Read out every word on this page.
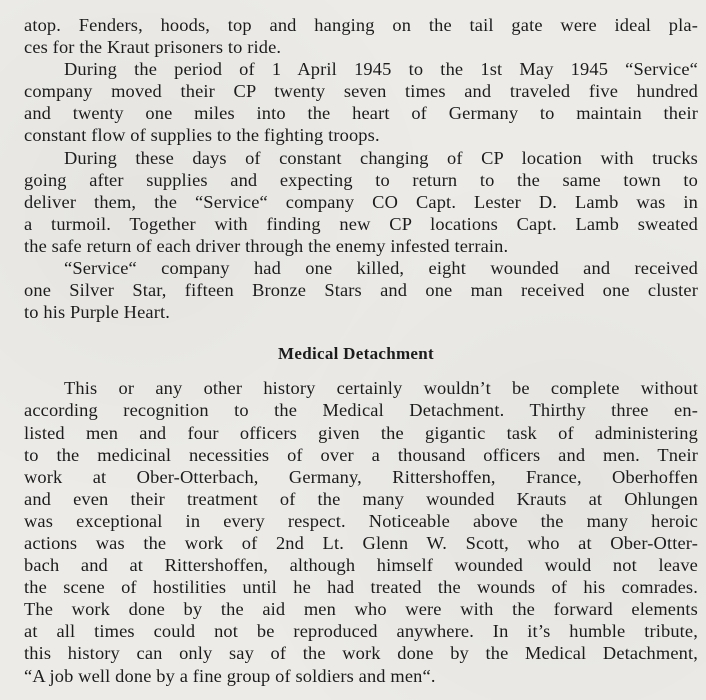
atop. Fenders, hoods, top and hanging on the tail gate were ideal pla-
ces for the Kraut prisoners to ride.
During the period of 1 April 1945 to the 1st May 1945 “Service“
company moved their CP twenty seven times and traveled five hundred
and twenty one miles into the heart of Germany to maintain their
constant flow of supplies to the fighting troops.
During these days of constant changing of CP location with trucks
going after supplies and expecting to return to the same town to
deliver them, the “Service“ company CO Capt. Lester D. Lamb was in
a turmoil. Together with finding new CP locations Capt. Lamb sweated
the safe return of each driver through the enemy infested terrain.
“Service“ company had one killed, eight wounded and received
one Silver Star, fifteen Bronze Stars and one man received one cluster
to his Purple Heart.
Medical Detachment
This or any other history certainly wouldn’t be complete without
according recognition to the Medical Detachment. Thirthy three en-
listed men and four officers given the gigantic task of administering
to the medicinal necessities of over a thousand officers and men. Tneir
work at Ober-Otterbach, Germany, Rittershoffen, France, Oberhoffen
and even their treatment of the many wounded Krauts at Ohlungen
was exceptional in every respect. Noticeable above the many heroic
actions was the work of 2nd Lt. Glenn W. Scott, who at Ober-Otter-
bach and at Rittershoffen, although himself wounded would not leave
the scene of hostilities until he had treated the wounds of his comrades.
The work done by the aid men who were with the forward elements
at all times could not be reproduced anywhere. In it’s humble tribute,
this history can only say of the work done by the Medical Detachment,
“A job well done by a fine group of soldiers and men“.
